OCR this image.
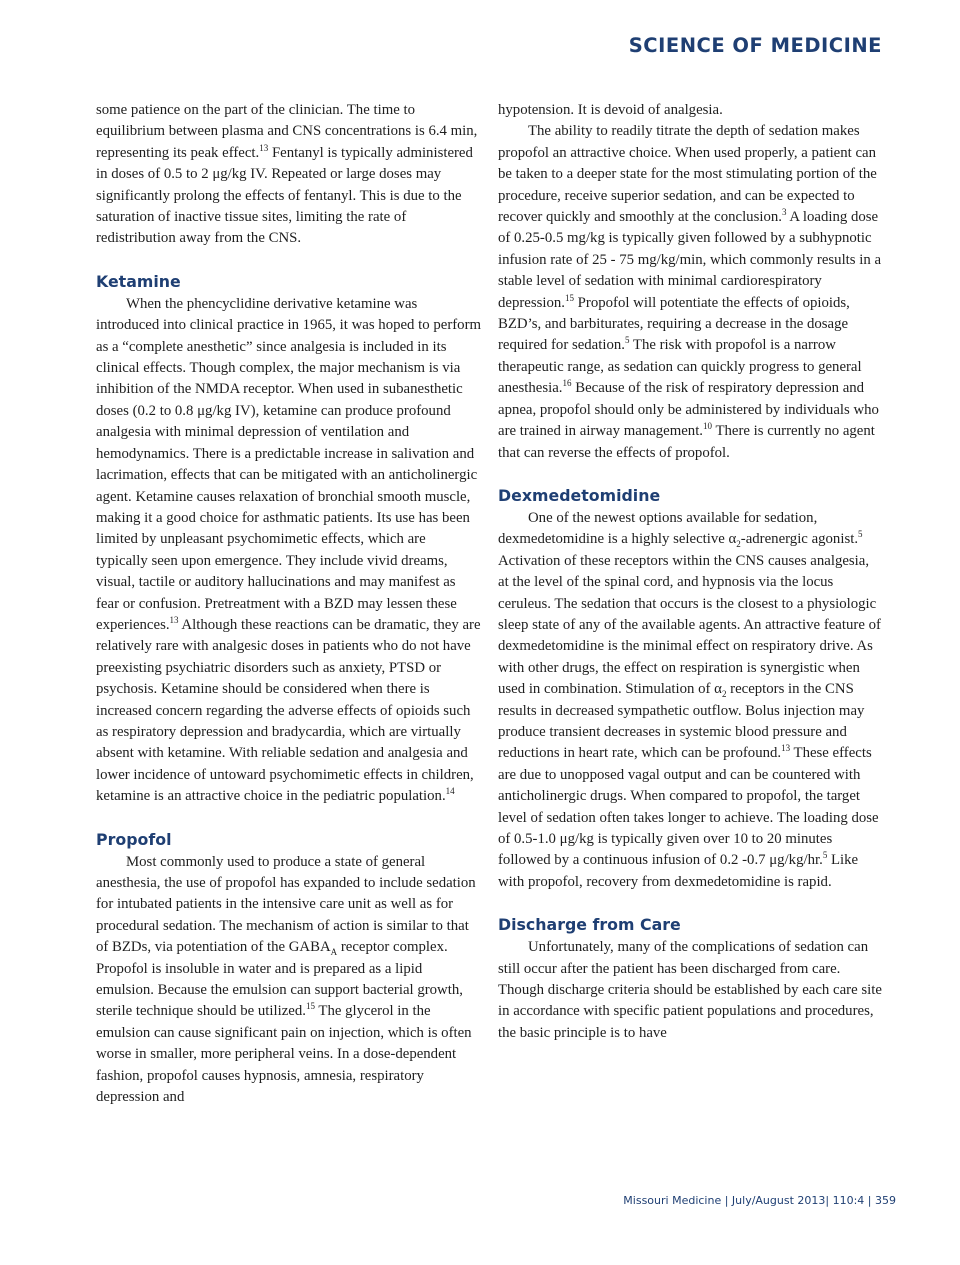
SCIENCE OF MEDICINE

some patience on the part of the clinician. The time to equilibrium between plasma and CNS concentrations is 6.4 min, representing its peak effect.$^{13}$ Fentanyl is typically administered in doses of 0.5 to 2 μg/kg IV. Repeated or large doses may significantly prolong the effects of fentanyl. This is due to the saturation of inactive tissue sites, limiting the rate of redistribution away from the CNS.

Ketamine

When the phencyclidine derivative ketamine was introduced into clinical practice in 1965, it was hoped to perform as a “complete anesthetic” since analgesia is included in its clinical effects. Though complex, the major mechanism is via inhibition of the NMDA receptor. When used in subanesthetic doses (0.2 to 0.8 μg/kg IV), ketamine can produce profound analgesia with minimal depression of ventilation and hemodynamics. There is a predictable increase in salivation and lacrimation, effects that can be mitigated with an anticholinergic agent. Ketamine causes relaxation of bronchial smooth muscle, making it a good choice for asthmatic patients. Its use has been limited by unpleasant psychomimetic effects, which are typically seen upon emergence. They include vivid dreams, visual, tactile or auditory hallucinations and may manifest as fear or confusion. Pretreatment with a BZD may lessen these experiences.$^{13}$ Although these reactions can be dramatic, they are relatively rare with analgesic doses in patients who do not have preexisting psychiatric disorders such as anxiety, PTSD or psychosis. Ketamine should be considered when there is increased concern regarding the adverse effects of opioids such as respiratory depression and bradycardia, which are virtually absent with ketamine. With reliable sedation and analgesia and lower incidence of untoward psychomimetic effects in children, ketamine is an attractive choice in the pediatric population.$^{14}$

Propofol

Most commonly used to produce a state of general anesthesia, the use of propofol has expanded to include sedation for intubated patients in the intensive care unit as well as for procedural sedation. The mechanism of action is similar to that of BZDs, via potentiation of the $GABA_A$ receptor complex. Propofol is insoluble in water and is prepared as a lipid emulsion. Because the emulsion can support bacterial growth, sterile technique should be utilized.$^{15}$ The glycerol in the emulsion can cause significant pain on injection, which is often worse in smaller, more peripheral veins. In a dose-dependent fashion, propofol causes hypnosis, amnesia, respiratory depression and

hypotension. It is devoid of analgesia.

The ability to readily titrate the depth of sedation makes propofol an attractive choice. When used properly, a patient can be taken to a deeper state for the most stimulating portion of the procedure, receive superior sedation, and can be expected to recover quickly and smoothly at the conclusion.$^3$ A loading dose of 0.25-0.5 mg/kg is typically given followed by a subhypnotic infusion rate of 25 - 75 mg/kg/min, which commonly results in a stable level of sedation with minimal cardiorespiratory depression.$^{15}$ Propofol will potentiate the effects of opioids, BZD’s, and barbiturates, requiring a decrease in the dosage required for sedation.$^5$ The risk with propofol is a narrow therapeutic range, as sedation can quickly progress to general anesthesia.$^{16}$ Because of the risk of respiratory depression and apnea, propofol should only be administered by individuals who are trained in airway management.$^{10}$ There is currently no agent that can reverse the effects of propofol.

Dexmedetomidine

One of the newest options available for sedation, dexmedetomidine is a highly selective $\alpha_2$-adrenergic agonist.$^5$ Activation of these receptors within the CNS causes analgesia, at the level of the spinal cord, and hypnosis via the locus ceruleus. The sedation that occurs is the closest to a physiologic sleep state of any of the available agents. An attractive feature of dexmedetomidine is the minimal effect on respiratory drive. As with other drugs, the effect on respiration is synergistic when used in combination. Stimulation of $\alpha_2$ receptors in the CNS results in decreased sympathetic outflow. Bolus injection may produce transient decreases in systemic blood pressure and reductions in heart rate, which can be profound.$^{13}$ These effects are due to unopposed vagal output and can be countered with anticholinergic drugs. When compared to propofol, the target level of sedation often takes longer to achieve. The loading dose of 0.5-1.0 μg/kg is typically given over 10 to 20 minutes followed by a continuous infusion of 0.2 -0.7 μg/kg/hr.$^5$ Like with propofol, recovery from dexmedetomidine is rapid.

Discharge from Care

Unfortunately, many of the complications of sedation can still occur after the patient has been discharged from care. Though discharge criteria should be established by each care site in accordance with specific patient populations and procedures, the basic principle is to have

Missouri Medicine | July/August 2013| 110:4 | 359
